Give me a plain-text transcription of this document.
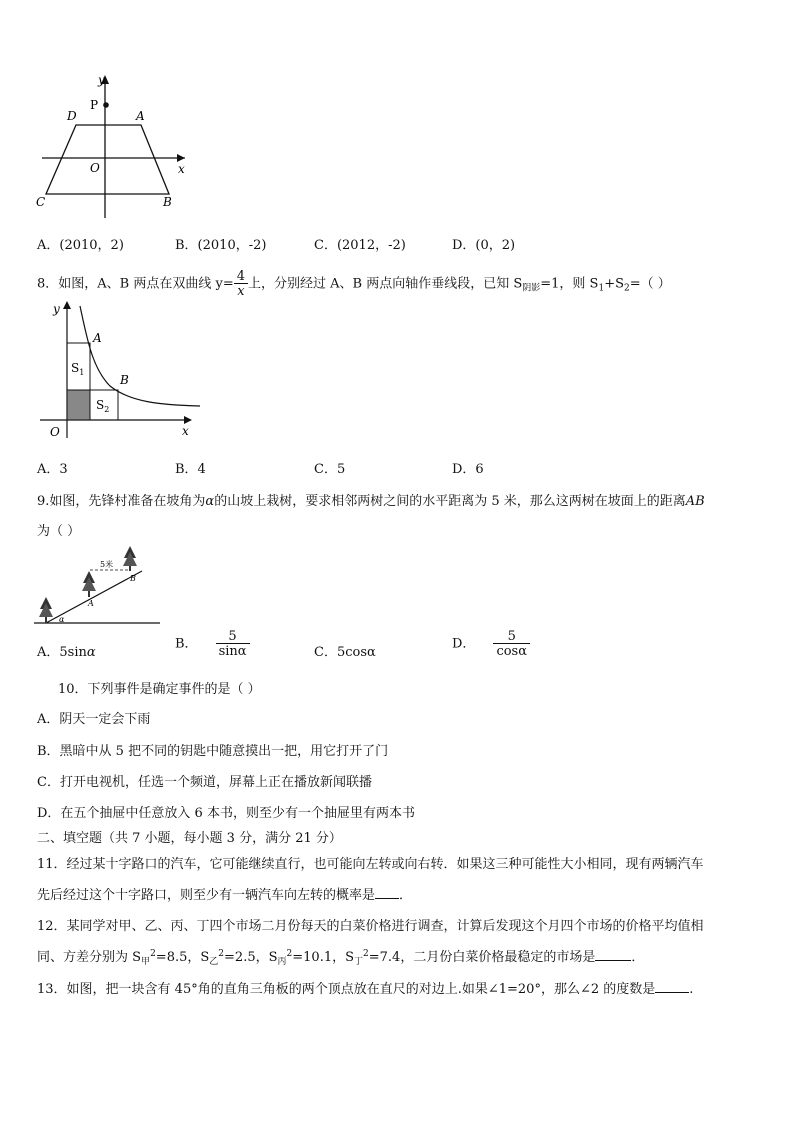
y
P
D	A
O	x
C	B
A．(2010，2)	B．(2010，-2)	C．(2012，-2)	D．(0，2)
8．如图，A、B 两点在双曲线 $y= \frac{4}{x}$ 上，分别经过 A、B 两点向轴作垂线段，已知 $S_{阴影}=1$，则 $S_1+S_2=$（ ）
y
A
$S_1$
B
$S_2$
O	x
A．3	B．4	C．5	D．6
9.如图，先锋村准备在坡角为α的山坡上栽树，要求相邻两树之间的水平距离为 5 米，那么这两树在坡面上的距离AB
为（ ）
5米
A
B
α
A．5sinα
B． $\frac{5}{\sin\alpha}$	C．5cosα
D． $\frac{5}{\cos\alpha}$
10．下列事件是确定事件的是（ ）
A．阴天一定会下雨
B．黑暗中从 5 把不同的钥匙中随意摸出一把，用它打开了门
C．打开电视机，任选一个频道，屏幕上正在播放新闻联播
D．在五个抽屉中任意放入 6 本书，则至少有一个抽屉里有两本书
二、填空题（共 7 小题，每小题 3 分，满分 21 分）
11．经过某十字路口的汽车，它可能继续直行，也可能向左转或向右转．如果这三种可能性大小相同，现有两辆汽车
先后经过这个十字路口，则至少有一辆汽车向左转的概率是 ．
12．某同学对甲、乙、丙、丁四个市场二月份每天的白菜价格进行调查，计算后发现这个月四个市场的价格平均值相
同、方差分别为 $S_甲^2=8.5$，$S_乙^2=2.5$，$S_丙^2=10.1$，$S_丁^2=7.4$，二月份白菜价格最稳定的市场是	．
13．如图，把一块含有 45°角的直角三角板的两个顶点放在直尺的对边上.如果∠1=20°，那么∠2 的度数是	.
